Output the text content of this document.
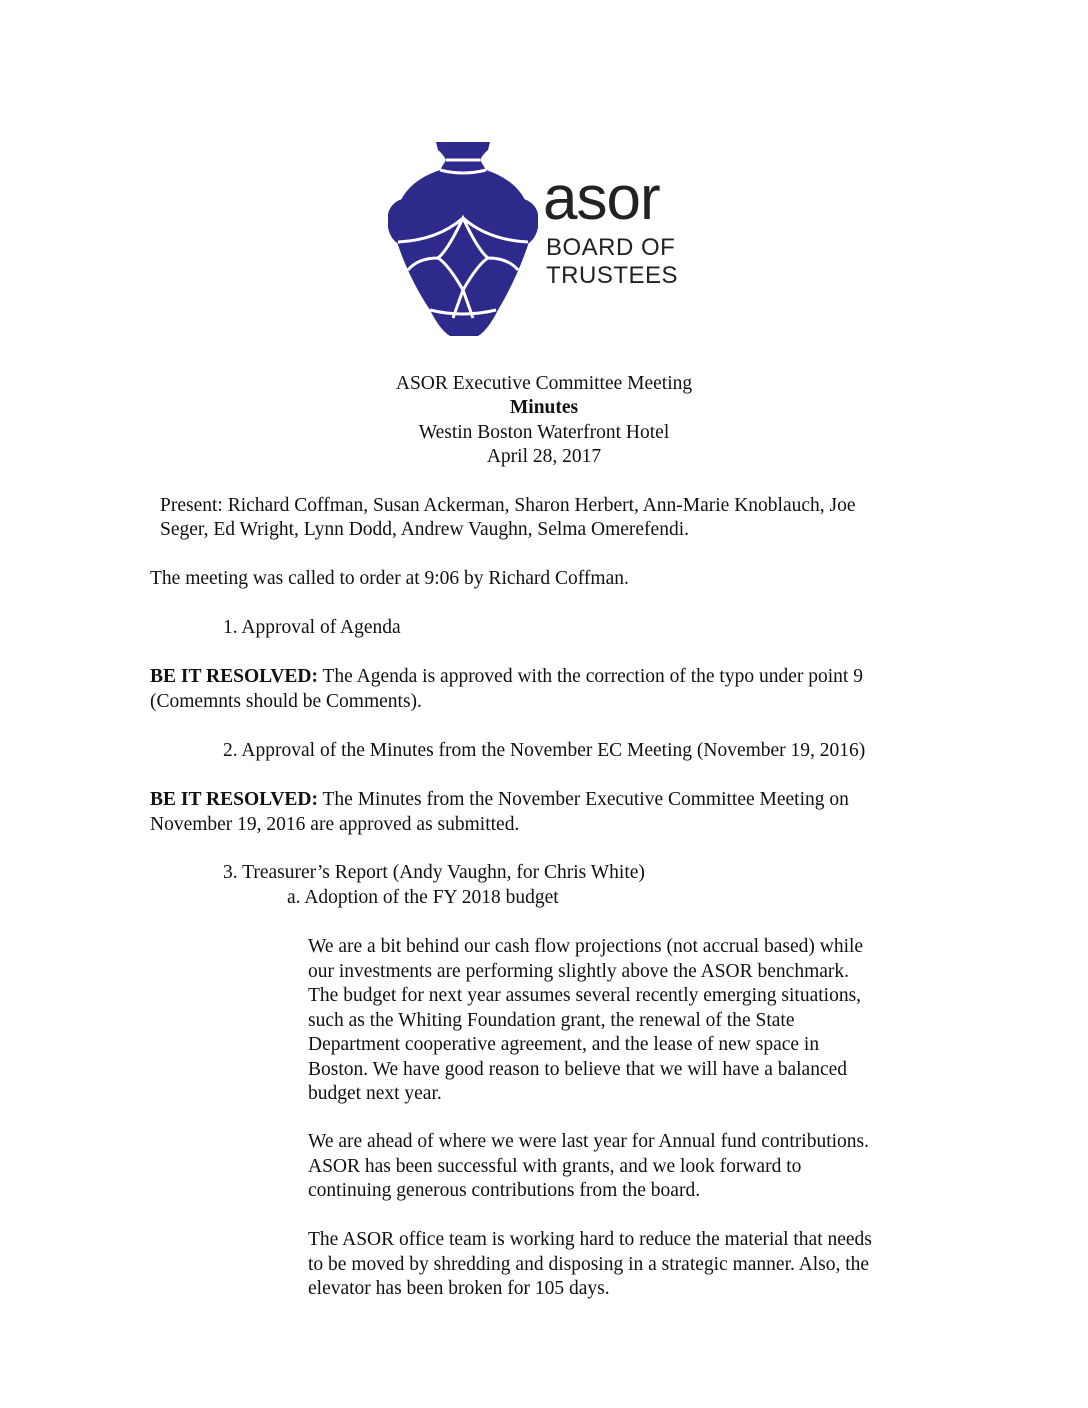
asor
BOARD OF
TRUSTEES
ASOR Executive Committee Meeting
Minutes
Westin Boston Waterfront Hotel
April 28, 2017
Present: Richard Coffman, Susan Ackerman, Sharon Herbert, Ann-Marie Knoblauch, Joe
Seger, Ed Wright, Lynn Dodd, Andrew Vaughn, Selma Omerefendi.
The meeting was called to order at 9:06 by Richard Coffman.
1. Approval of Agenda
BE IT RESOLVED: The Agenda is approved with the correction of the typo under point 9
(Comemnts should be Comments).
2. Approval of the Minutes from the November EC Meeting (November 19, 2016)
BE IT RESOLVED: The Minutes from the November Executive Committee Meeting on
November 19, 2016 are approved as submitted.
3. Treasurer’s Report (Andy Vaughn, for Chris White)
a. Adoption of the FY 2018 budget
We are a bit behind our cash flow projections (not accrual based) while
our investments are performing slightly above the ASOR benchmark.
The budget for next year assumes several recently emerging situations,
such as the Whiting Foundation grant, the renewal of the State
Department cooperative agreement, and the lease of new space in
Boston. We have good reason to believe that we will have a balanced
budget next year.
We are ahead of where we were last year for Annual fund contributions.
ASOR has been successful with grants, and we look forward to
continuing generous contributions from the board.
The ASOR office team is working hard to reduce the material that needs
to be moved by shredding and disposing in a strategic manner. Also, the
elevator has been broken for 105 days.
